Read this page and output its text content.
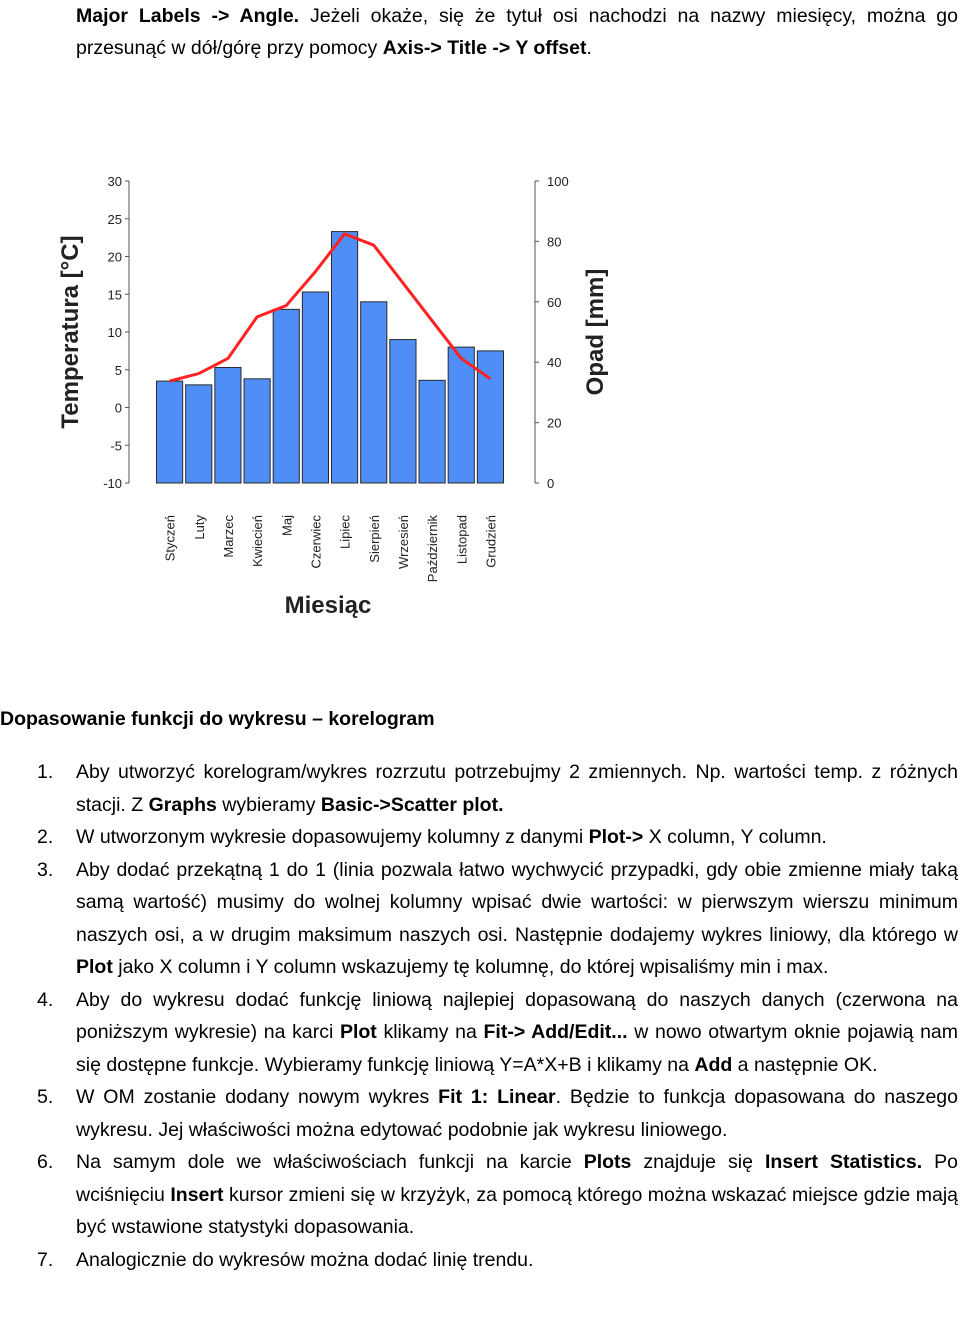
Major Labels -> Angle. Jeżeli okaże, się że tytuł osi nachodzi na nazwy miesięcy, można go
przesunąć w dół/górę przy pomocy Axis-> Title -> Y offset.
30
25
20
15
10
5
0
-5
-10
100
80
60
40
20
0
Styczeń Luty Marzec Kwiecień Maj Czerwiec Lipiec Sierpień Wrzesień Październik Listopad Grudzień
Temperatura [°C]	Opad [mm]
Miesiąc
Dopasowanie funkcji do wykresu – korelogram
1. Aby utworzyć korelogram/wykres rozrzutu potrzebujmy 2 zmiennych. Np. wartości temp. z różnych stacji. Z Graphs wybieramy Basic->Scatter plot.
2. W utworzonym wykresie dopasowujemy kolumny z danymi Plot-> X column, Y column.
3. Aby dodać przekątną 1 do 1 (linia pozwala łatwo wychwycić przypadki, gdy obie zmienne miały taką samą wartość) musimy do wolnej kolumny wpisać dwie wartości: w pierwszym wierszu minimum naszych osi, a w drugim maksimum naszych osi. Następnie dodajemy wykres liniowy, dla którego w Plot jako X column i Y column wskazujemy tę kolumnę, do której wpisaliśmy min i max.
4. Aby do wykresu dodać funkcję liniową najlepiej dopasowaną do naszych danych (czerwona na poniższym wykresie) na karci Plot klikamy na Fit-> Add/Edit... w nowo otwartym oknie pojawią nam się dostępne funkcje. Wybieramy funkcję liniową Y=A*X+B i klikamy na Add a następnie OK.
5. W OM zostanie dodany nowym wykres Fit 1: Linear. Będzie to funkcja dopasowana do naszego wykresu. Jej właściwości można edytować podobnie jak wykresu liniowego.
6. Na samym dole we właściwościach funkcji na karcie Plots znajduje się Insert Statistics. Po wciśnięciu Insert kursor zmieni się w krzyżyk, za pomocą którego można wskazać miejsce gdzie mają być wstawione statystyki dopasowania.
7. Analogicznie do wykresów można dodać linię trendu.
